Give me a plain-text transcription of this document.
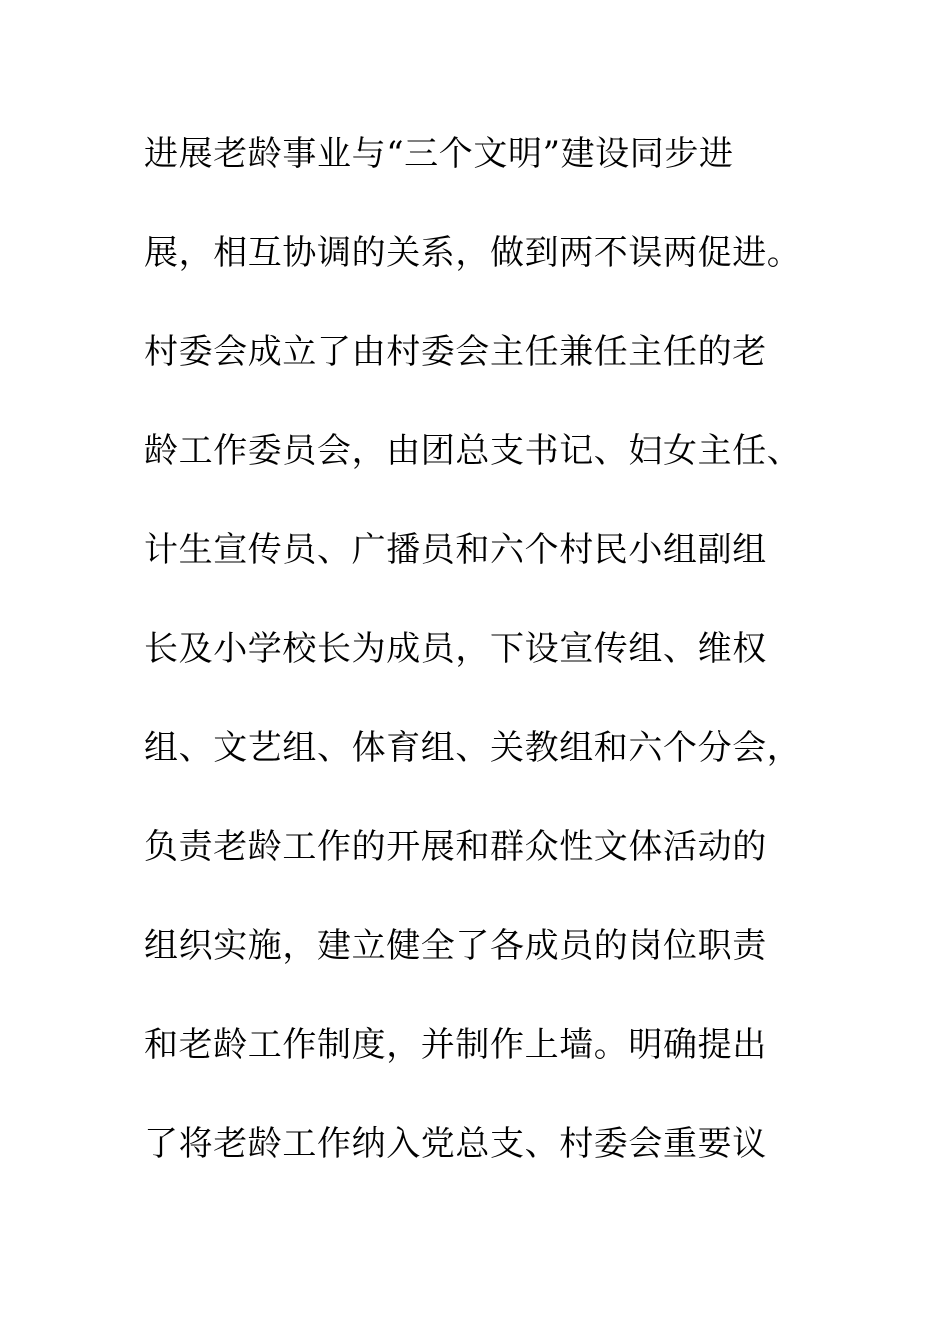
进展老龄事业与“三个文明”建设同步进
展，相互协调的关系，做到两不误两促进。
村委会成立了由村委会主任兼任主任的老
龄工作委员会，由团总支书记、妇女主任、
计生宣传员、广播员和六个村民小组副组
长及小学校长为成员，下设宣传组、维权
组、文艺组、体育组、关教组和六个分会，
负责老龄工作的开展和群众性文体活动的
组织实施，建立健全了各成员的岗位职责
和老龄工作制度，并制作上墙。明确提出
了将老龄工作纳入党总支、村委会重要议
